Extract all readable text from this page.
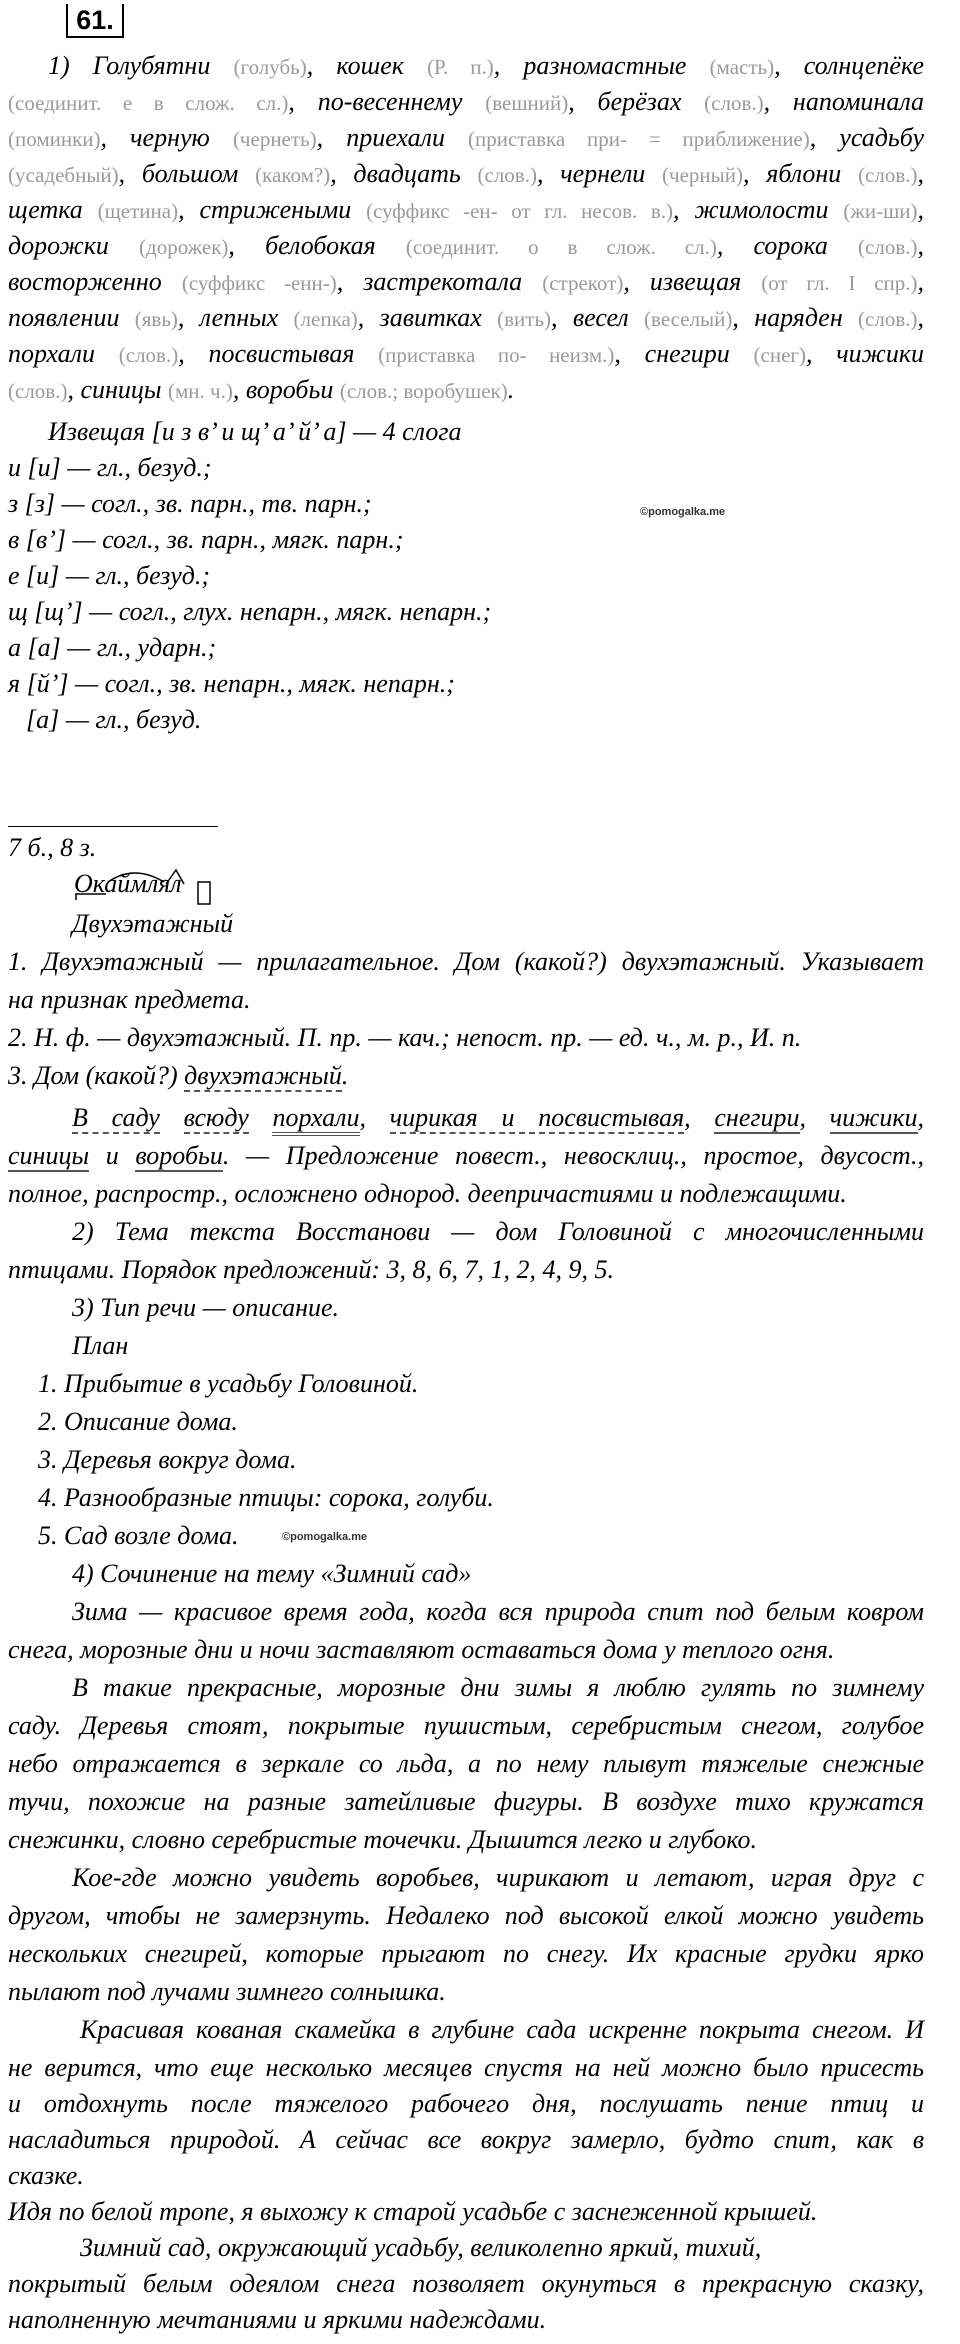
61.
1) Голубятни (голубь), кошек (Р. п.), разномастные (масть), солнцепёке
(соединит. е в слож. сл.), по-весеннему (вешний), берёзах (слов.), напоминала
(поминки), черную (чернеть), приехали (приставка при- = приближение), усадьбу
(усадебный), большом (каком?), двадцать (слов.), чернели (черный), яблони (слов.),
щетка (щетина), стрижеными (суффикс -ен- от гл. несов. в.), жимолости (жи-ши),
дорожки (дорожек), белобокая (соединит. о в слож. сл.), сорока (слов.),
восторженно (суффикс -енн-), застрекотала (стрекот), извещая (от гл. I спр.),
появлении (явь), лепных (лепка), завитках (вить), весел (веселый), наряден (слов.),
порхали (слов.), посвистывая (приставка по- неизм.), снегири (снег), чижики
(слов.), синицы (мн. ч.), воробьи (слов.; воробушек).
Извещая [и з в’ и щ’ а’ й’ а] — 4 слога
и [и] — гл., безуд.;
з [з] — согл., зв. парн., тв. парн.;
в [в’] — согл., зв. парн., мягк. парн.;
е [и] — гл., безуд.;
щ [щ’] — согл., глух. непарн., мягк. непарн.;
а [а] — гл., ударн.;
я [й’] — согл., зв. непарн., мягк. непарн.;
[а] — гл., безуд.
©pomogalka.me
7 б., 8 з.
Окаймлял
Двухэтажный
1. Двухэтажный — прилагательное. Дом (какой?) двухэтажный. Указывает
на признак предмета.
2. Н. ф. — двухэтажный. П. пр. — кач.; непост. пр. — ед. ч., м. р., И. п.
3. Дом (какой?) двухэтажный.
В саду всюду порхали, чирикая и посвистывая, снегири, чижики,
синицы и воробьи. — Предложение повест., невосклиц., простое, двусост.,
полное, распростр., осложнено однород. деепричастиями и подлежащими.
2) Тема текста Восстанови — дом Головиной с многочисленными
птицами. Порядок предложений: 3, 8, 6, 7, 1, 2, 4, 9, 5.
3) Тип речи — описание.
План
1. Прибытие в усадьбу Головиной.
2. Описание дома.
3. Деревья вокруг дома.
4. Разнообразные птицы: сорока, голуби.
5. Сад возле дома.	©pomogalka.me
4) Сочинение на тему «Зимний сад»
Зима — красивое время года, когда вся природа спит под белым ковром
снега, морозные дни и ночи заставляют оставаться дома у теплого огня.
В такие прекрасные, морозные дни зимы я люблю гулять по зимнему
саду. Деревья стоят, покрытые пушистым, серебристым снегом, голубое
небо отражается в зеркале со льда, а по нему плывут тяжелые снежные
тучи, похожие на разные затейливые фигуры. В воздухе тихо кружатся
снежинки, словно серебристые точечки. Дышится легко и глубоко.
Кое-где можно увидеть воробьев, чирикают и летают, играя друг с
другом, чтобы не замерзнуть. Недалеко под высокой елкой можно увидеть
нескольких снегирей, которые прыгают по снегу. Их красные грудки ярко
пылают под лучами зимнего солнышка.
Красивая кованая скамейка в глубине сада искренне покрыта снегом. И
не верится, что еще несколько месяцев спустя на ней можно было присесть
и отдохнуть после тяжелого рабочего дня, послушать пение птиц и
насладиться природой. А сейчас все вокруг замерло, будто спит, как в
сказке.
Идя по белой тропе, я выхожу к старой усадьбе с заснеженной крышей.
Зимний сад, окружающий усадьбу, великолепно яркий, тихий,
покрытый белым одеялом снега позволяет окунуться в прекрасную сказку,
наполненную мечтаниями и яркими надеждами.
